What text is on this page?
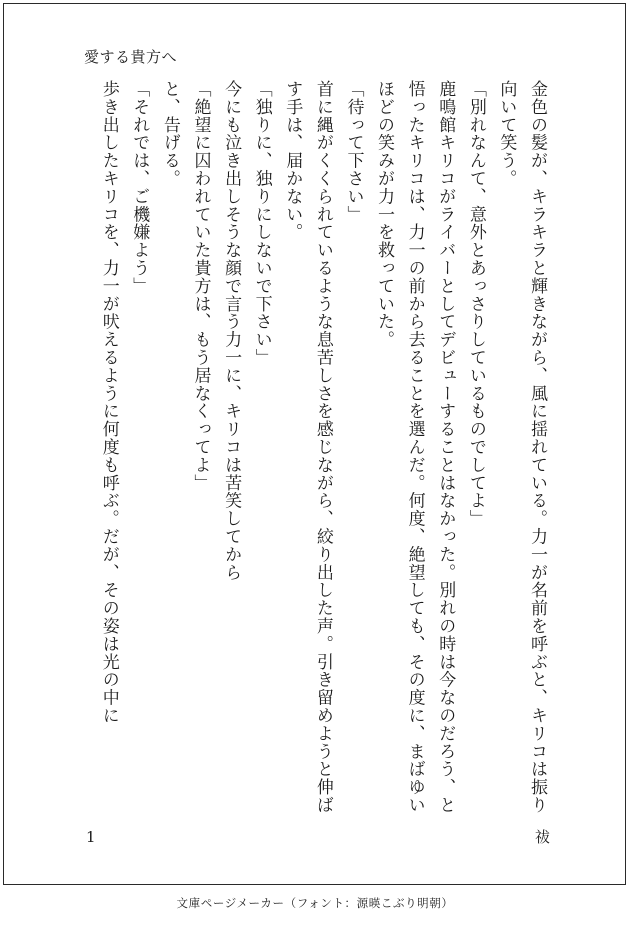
愛する貴方へ

金色の髪が、キラキラと輝きながら、風に揺れている。力一が名前を呼ぶと、キリコは振り向いて笑う。

「別れなんて、意外とあっさりしているものでしてよ」

鹿鳴館キリコがライバーとしてデビューすることはなかった。別れの時は今なのだろう、と悟ったキリコは、力一の前から去ることを選んだ。何度、絶望しても、その度に、まばゆいほどの笑みが力一を救っていた。

「待って下さい」

首に縄がくくられているような息苦しさを感じながら、絞り出した声。引き留めようと伸ばす手は、届かない。

「独りに、独りにしないで下さい」

今にも泣き出しそうな顔で言う力一に、キリコは苦笑してから

「絶望に囚われていた貴方は、もう居なくってよ」

と、告げる。

「それでは、ご機嫌よう」

歩き出したキリコを、力一が吠えるように何度も呼ぶ。だが、その姿は光の中に

1	祓
文庫ページメーカー（フォント：源暎こぶり明朝）
